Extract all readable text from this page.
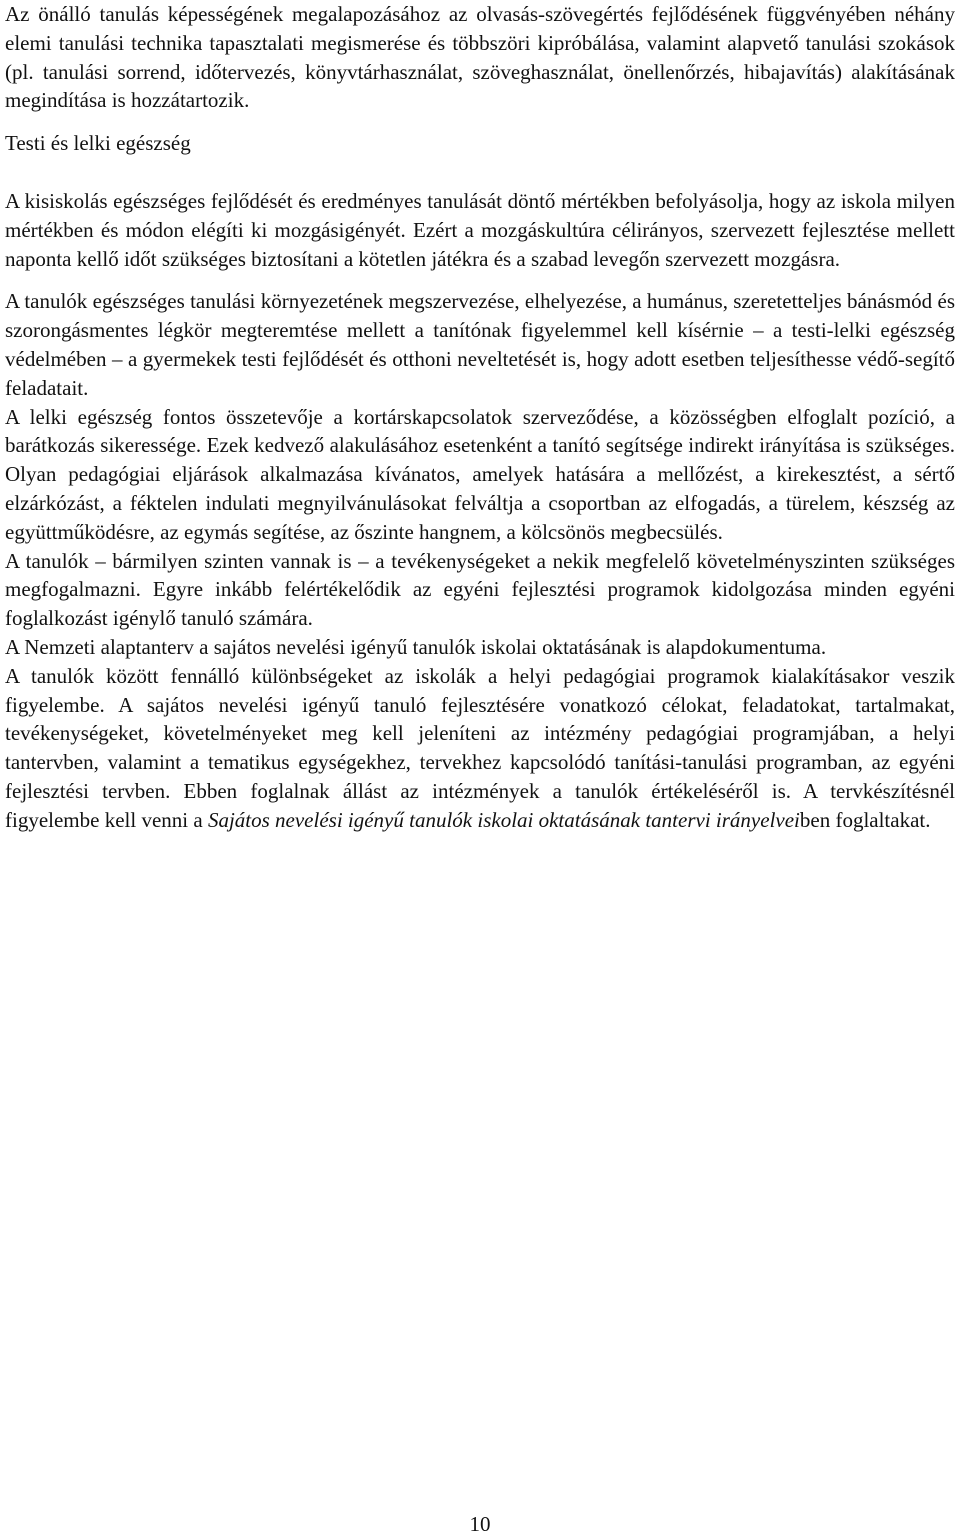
Az önálló tanulás képességének megalapozásához az olvasás-szövegértés fejlődésének függvényében néhány elemi tanulási technika tapasztalati megismerése és többszöri kipróbálása, valamint alapvető tanulási szokások (pl. tanulási sorrend, időtervezés, könyvtárhasználat, szöveghasználat, önellenőrzés, hibajavítás) alakításának megindítása is hozzátartozik.

Testi és lelki egészség

A kisiskolás egészséges fejlődését és eredményes tanulását döntő mértékben befolyásolja, hogy az iskola milyen mértékben és módon elégíti ki mozgásigényét. Ezért a mozgáskultúra célirányos, szervezett fejlesztése mellett naponta kellő időt szükséges biztosítani a kötetlen játékra és a szabad levegőn szervezett mozgásra.

A tanulók egészséges tanulási környezetének megszervezése, elhelyezése, a humánus, szeretetteljes bánásmód és szorongásmentes légkör megteremtése mellett a tanítónak figyelemmel kell kísérnie – a testi-lelki egészség védelmében – a gyermekek testi fejlődését és otthoni neveltetését is, hogy adott esetben teljesíthesse védő-segítő feladatait.

A lelki egészség fontos összetevője a kortárskapcsolatok szerveződése, a közösségben elfoglalt pozíció, a barátkozás sikeressége. Ezek kedvező alakulásához esetenként a tanító segítsége indirekt irányítása is szükséges. Olyan pedagógiai eljárások alkalmazása kívánatos, amelyek hatására a mellőzést, a kirekesztést, a sértő elzárkózást, a féktelen indulati megnyilvánulásokat felváltja a csoportban az elfogadás, a türelem, készség az együttműködésre, az egymás segítése, az őszinte hangnem, a kölcsönös megbecsülés.

A tanulók – bármilyen szinten vannak is – a tevékenységeket a nekik megfelelő követelményszinten szükséges megfogalmazni. Egyre inkább felértékelődik az egyéni fejlesztési programok kidolgozása minden egyéni foglalkozást igénylő tanuló számára.

A Nemzeti alaptanterv a sajátos nevelési igényű tanulók iskolai oktatásának is alapdokumentuma.

A tanulók között fennálló különbségeket az iskolák a helyi pedagógiai programok kialakításakor veszik figyelembe. A sajátos nevelési igényű tanuló fejlesztésére vonatkozó célokat, feladatokat, tartalmakat, tevékenységeket, követelményeket meg kell jeleníteni az intézmény pedagógiai programjában, a helyi tantervben, valamint a tematikus egységekhez, tervekhez kapcsolódó tanítási-tanulási programban, az egyéni fejlesztési tervben. Ebben foglalnak állást az intézmények a tanulók értékeléséről is. A tervkészítésnél figyelembe kell venni a Sajátos nevelési igényű tanulók iskolai oktatásának tantervi irányelveiben foglaltakat.

10
